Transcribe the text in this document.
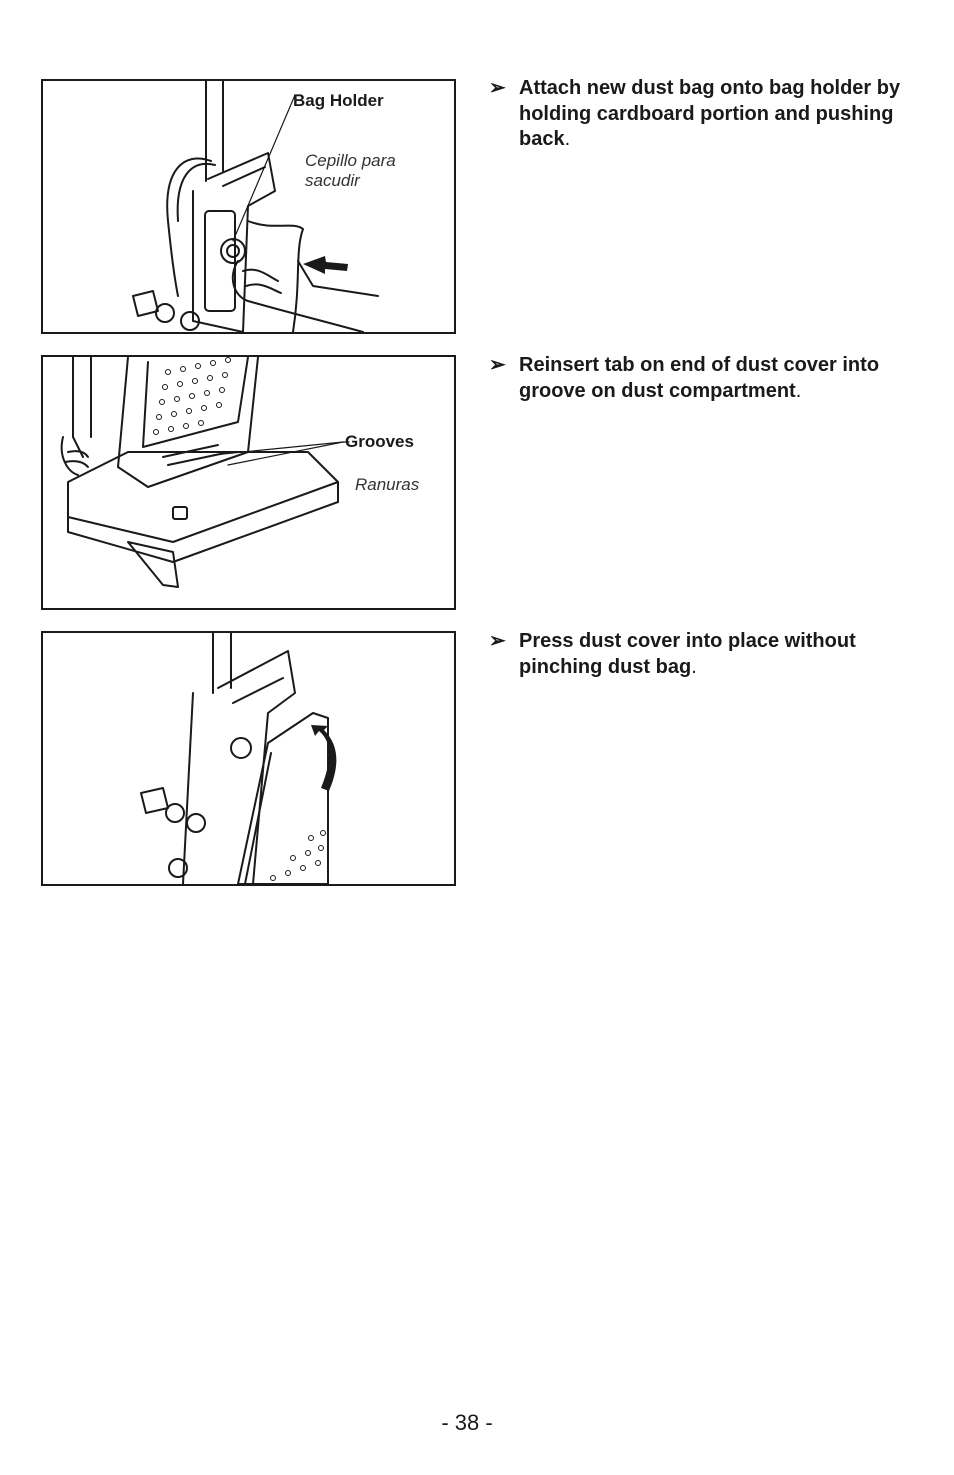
Bag Holder
Cepillo para sacudir
Grooves
Ranuras
➢ Attach new dust bag onto bag holder by holding cardboard portion and pushing back.
➢ Reinsert tab on end of dust cover into groove on dust compartment.
➢ Press dust cover into place without pinching dust bag.
- 38 -
